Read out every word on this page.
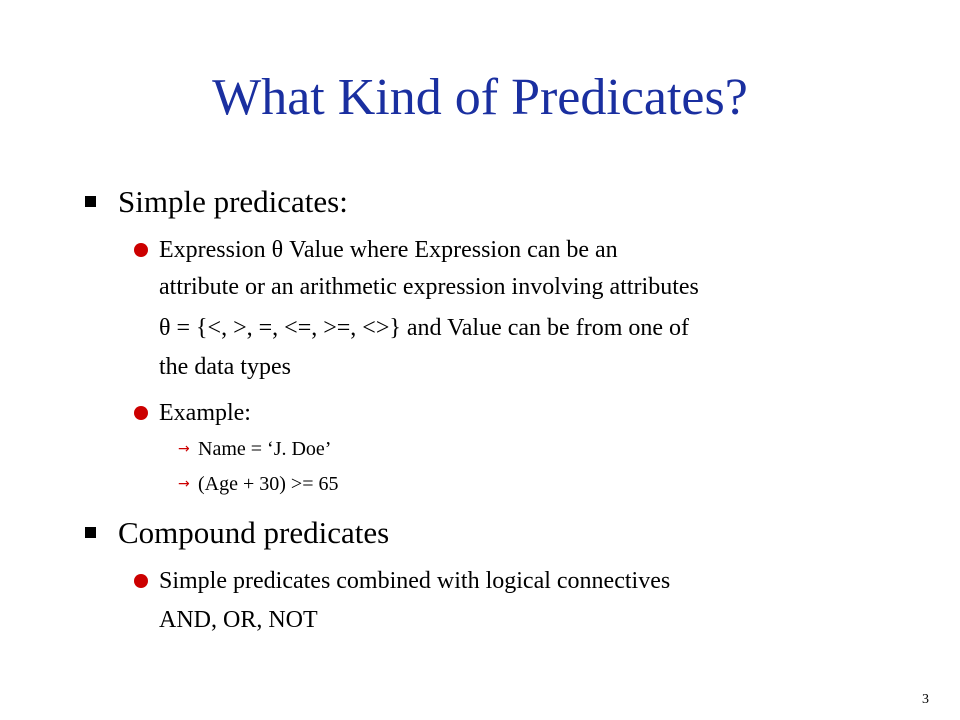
What Kind of Predicates?
Simple predicates:
Expression θ Value where Expression can be an
attribute or an arithmetic expression involving attributes
θ = {<, >, =, <=, >=, <>} and Value can be from one of
the data types
Example:
→ Name = ‘J. Doe’
→ (Age + 30) >= 65
Compound predicates
Simple predicates combined with logical connectives
AND, OR, NOT
3
